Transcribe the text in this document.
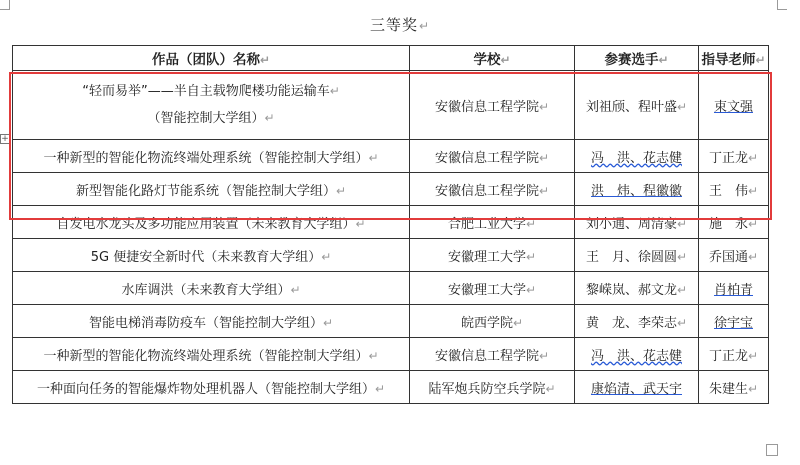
+
三等奖↵
作品（团队）名称↵	学校↵	参赛选手↵	指导老师↵

“轻而易举”——半自主载物爬楼功能运输车↵
（智能控制大学组）↵	安徽信息工程学院↵	刘祖颀、程叶盛↵	束文强
一种新型的智能化物流终端处理系统（智能控制大学组）↵	安徽信息工程学院↵	冯　洪、花志健	丁正龙↵
新型智能化路灯节能系统（智能控制大学组）↵	安徽信息工程学院↵	洪　炜、程徽徽	王　伟↵
自发电水龙头及多功能应用装置（未来教育大学组）↵	合肥工业大学↵	刘小通、周清豪↵	施　永↵
5G 便捷安全新时代（未来教育大学组）↵	安徽理工大学↵	王　月、徐圆圆↵	乔国通↵
水库调洪（未来教育大学组）↵	安徽理工大学↵	黎嵘岚、郝文龙↵	肖柏青
智能电梯消毒防疫车（智能控制大学组）↵	皖西学院↵	黄　龙、李荣志↵	徐宇宝
一种新型的智能化物流终端处理系统（智能控制大学组）↵	安徽信息工程学院↵	冯　洪、花志健	丁正龙↵
一种面向任务的智能爆炸物处理机器人（智能控制大学组）↵	陆军炮兵防空兵学院↵	康焰清、武天宇	朱建生↵
